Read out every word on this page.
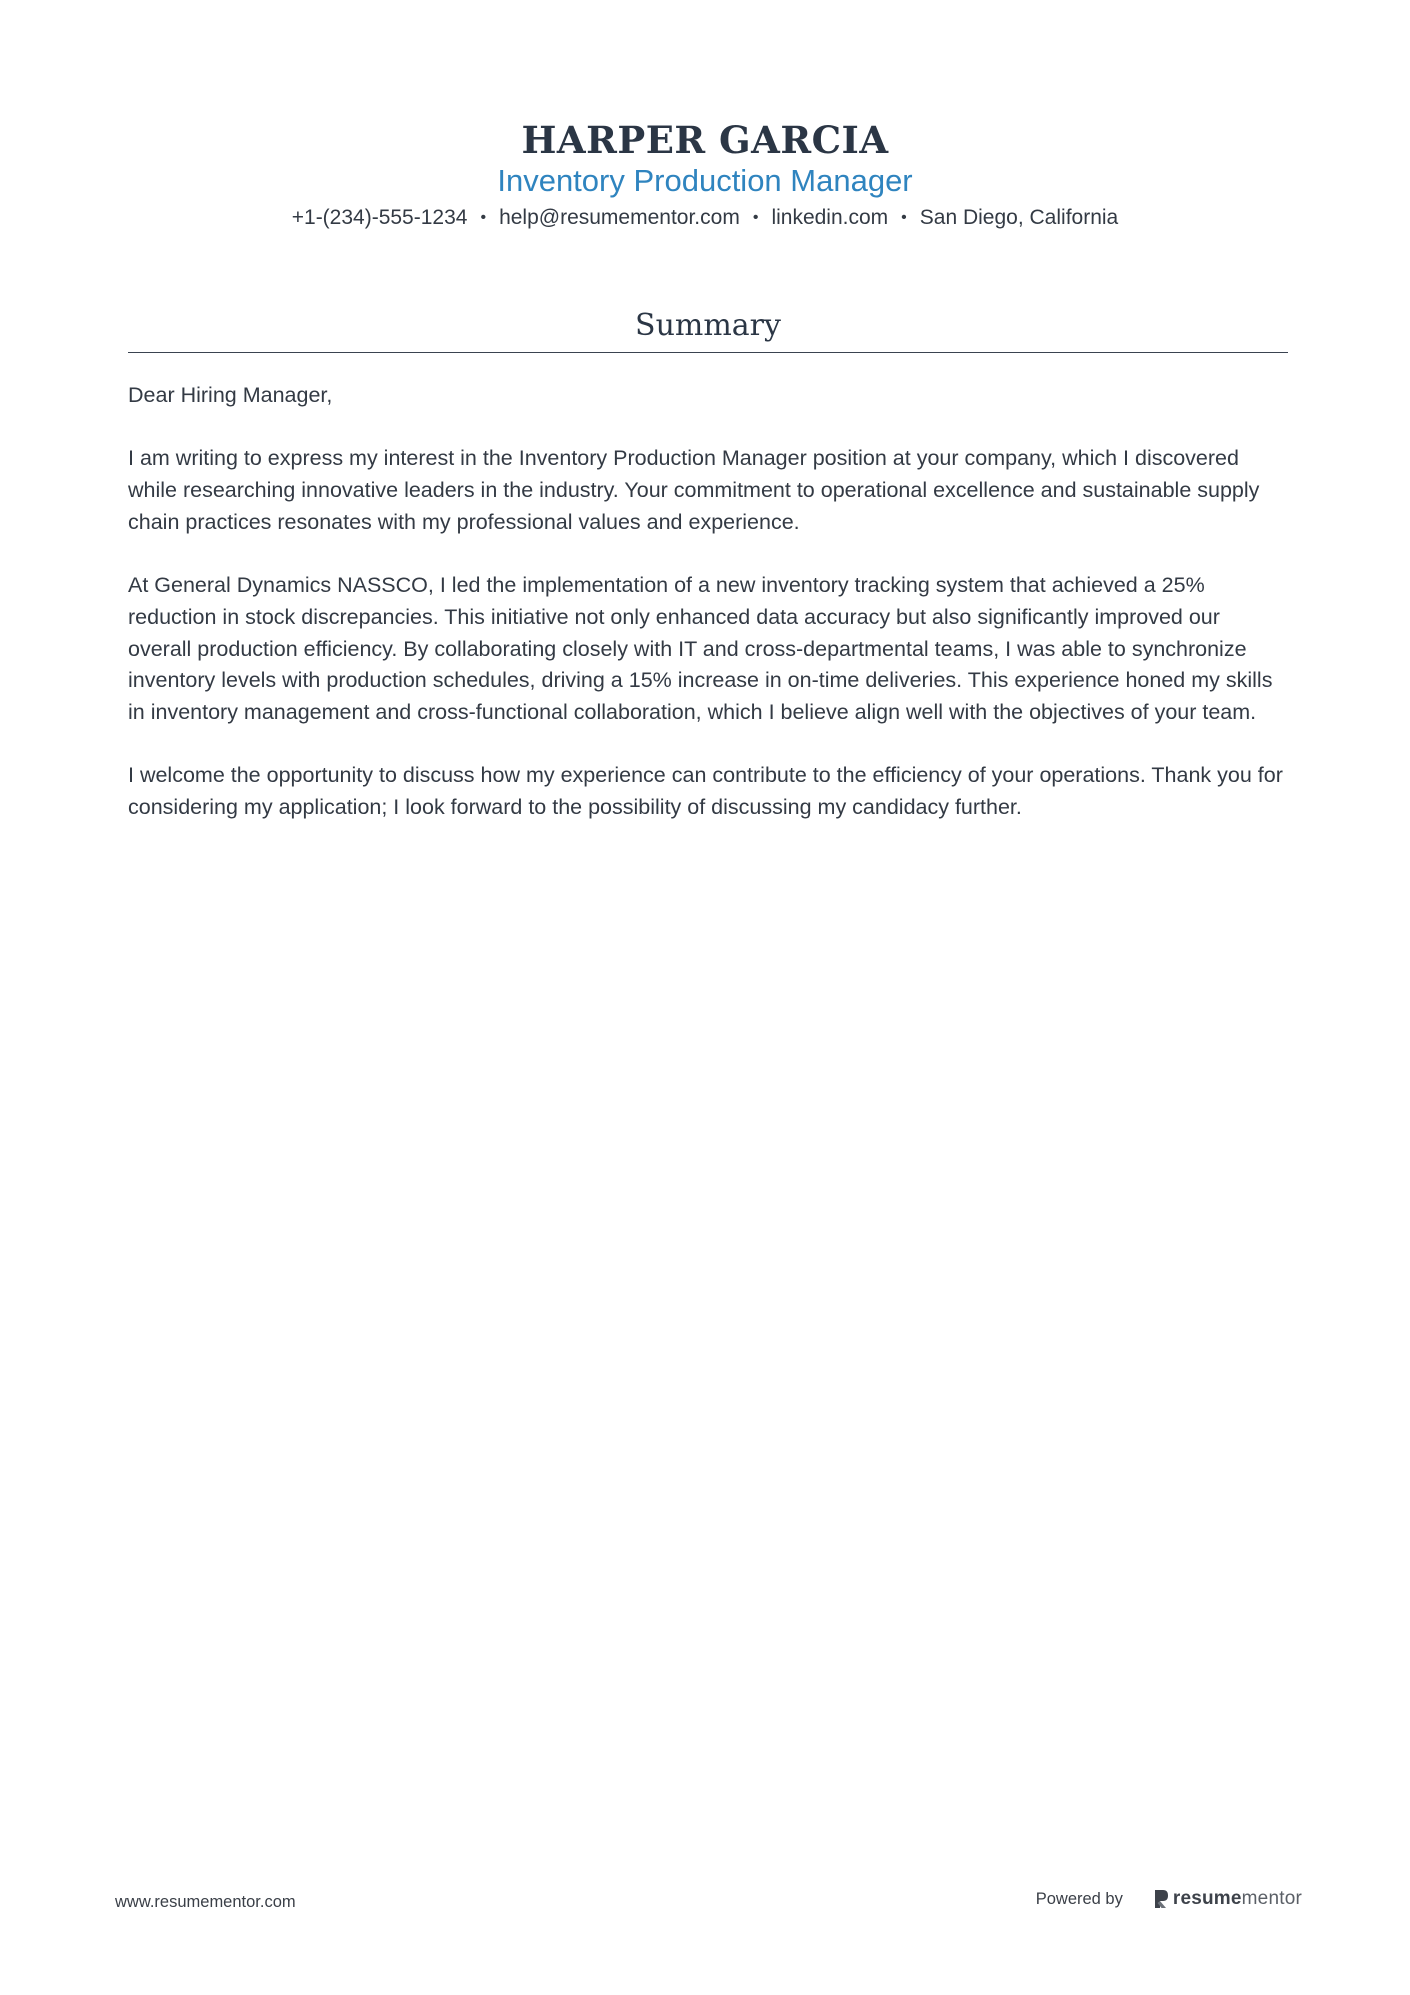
HARPER GARCIA
Inventory Production Manager
+1-(234)-555-1234 • help@resumementor.com • linkedin.com • San Diego, California
Summary

Dear Hiring Manager,

I am writing to express my interest in the Inventory Production Manager position at your company, which I discovered while researching innovative leaders in the industry. Your commitment to operational excellence and sustainable supply chain practices resonates with my professional values and experience.

At General Dynamics NASSCO, I led the implementation of a new inventory tracking system that achieved a 25% reduction in stock discrepancies. This initiative not only enhanced data accuracy but also significantly improved our overall production efficiency. By collaborating closely with IT and cross-departmental teams, I was able to synchronize inventory levels with production schedules, driving a 15% increase in on-time deliveries. This experience honed my skills in inventory management and cross-functional collaboration, which I believe align well with the objectives of your team.

I welcome the opportunity to discuss how my experience can contribute to the efficiency of your operations. Thank you for considering my application; I look forward to the possibility of discussing my candidacy further.

www.resumementor.com	Powered by	resume mentor
